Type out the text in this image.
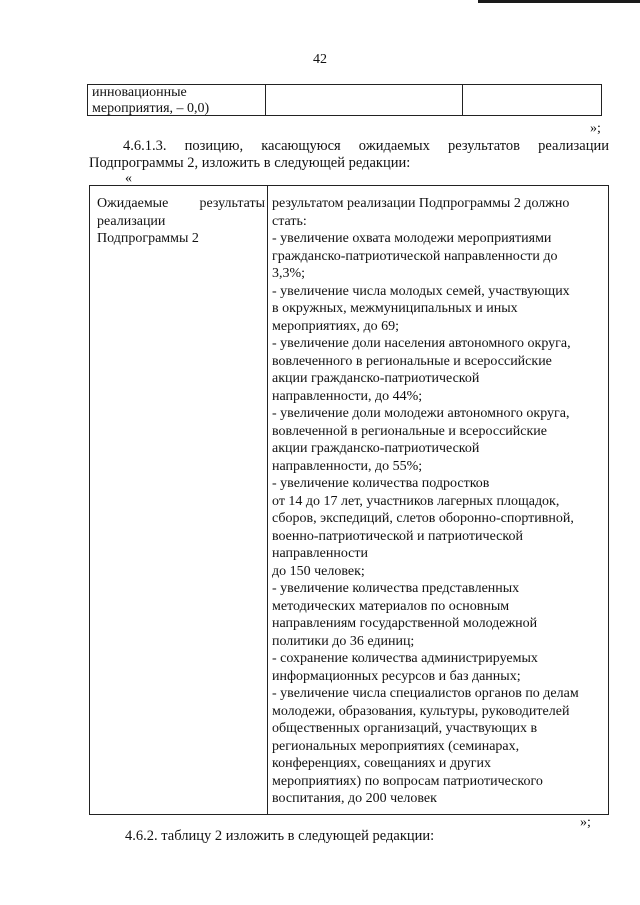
42
инновационные
мероприятия, – 0,0)
»;
4.6.1.3. позицию, касающуюся ожидаемых результатов реализации
Подпрограммы 2, изложить в следующей редакции:
«
Ожидаемые результаты
реализации
Подпрограммы 2
результатом реализации Подпрограммы 2 должно
стать:
- увеличение охвата молодежи мероприятиями
гражданско-патриотической направленности до
3,3%;
- увеличение числа молодых семей, участвующих
в окружных, межмуниципальных и иных
мероприятиях, до 69;
- увеличение доли населения автономного округа,
вовлеченного в региональные и всероссийские
акции гражданско-патриотической
направленности, до 44%;
- увеличение доли молодежи автономного округа,
вовлеченной в региональные и всероссийские
акции гражданско-патриотической
направленности, до 55%;
- увеличение количества подростков
от 14 до 17 лет, участников лагерных площадок,
сборов, экспедиций, слетов оборонно-спортивной,
военно-патриотической и патриотической
направленности
до 150 человек;
- увеличение количества представленных
методических материалов по основным
направлениям государственной молодежной
политики до 36 единиц;
- сохранение количества администрируемых
информационных ресурсов и баз данных;
- увеличение числа специалистов органов по делам
молодежи, образования, культуры, руководителей
общественных организаций, участвующих в
региональных мероприятиях (семинарах,
конференциях, совещаниях и других
мероприятиях) по вопросам патриотического
воспитания, до 200 человек
»;
4.6.2. таблицу 2 изложить в следующей редакции:
